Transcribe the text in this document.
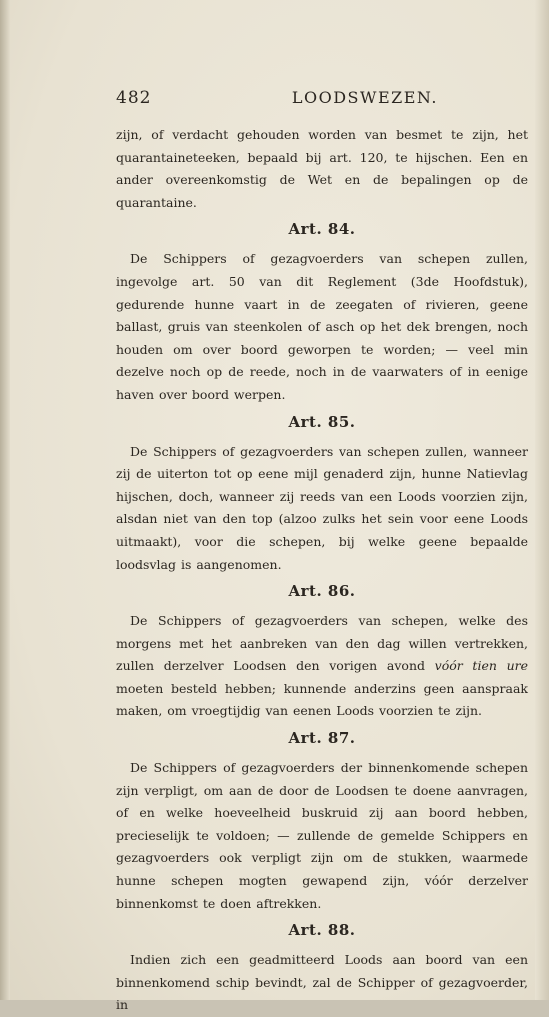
482	LOODSWEZEN.

zijn, of verdacht gehouden worden van besmet te zijn, het quarantaineteeken, bepaald bij art. 120, te hijschen. Een en ander overeenkomstig de Wet en de bepalingen op de quarantaine.

Art. 84.

De Schippers of gezagvoerders van schepen zullen, ingevolge art. 50 van dit Reglement (3de Hoofdstuk), gedurende hunne vaart in de zeegaten of rivieren, geene ballast, gruis van steenkolen of asch op het dek brengen, noch houden om over boord geworpen te worden; — veel min dezelve noch op de reede, noch in de vaarwaters of in eenige haven over boord werpen.

Art. 85.

De Schippers of gezagvoerders van schepen zullen, wanneer zij de uiterton tot op eene mijl genaderd zijn, hunne Natievlag hijschen, doch, wanneer zij reeds van een Loods voorzien zijn, alsdan niet van den top (alzoo zulks het sein voor eene Loods uitmaakt), voor die schepen, bij welke geene bepaalde loodsvlag is aangenomen.

Art. 86.

De Schippers of gezagvoerders van schepen, welke des morgens met het aanbreken van den dag willen vertrekken, zullen derzelver Loodsen den vorigen avond vóór tien ure moeten besteld hebben; kunnende anderzins geen aanspraak maken, om vroegtijdig van eenen Loods voorzien te zijn.

Art. 87.

De Schippers of gezagvoerders der binnenkomende schepen zijn verpligt, om aan de door de Loodsen te doene aanvragen, of en welke hoeveelheid buskruid zij aan boord hebben, precieselijk te voldoen; — zullende de gemelde Schippers en gezagvoerders ook verpligt zijn om de stukken, waarmede hunne schepen mogten gewapend zijn, vóór derzelver binnenkomst te doen aftrekken.

Art. 88.

Indien zich een geadmitteerd Loods aan boord van een binnenkomend schip bevindt, zal de Schipper of gezagvoerder, in
